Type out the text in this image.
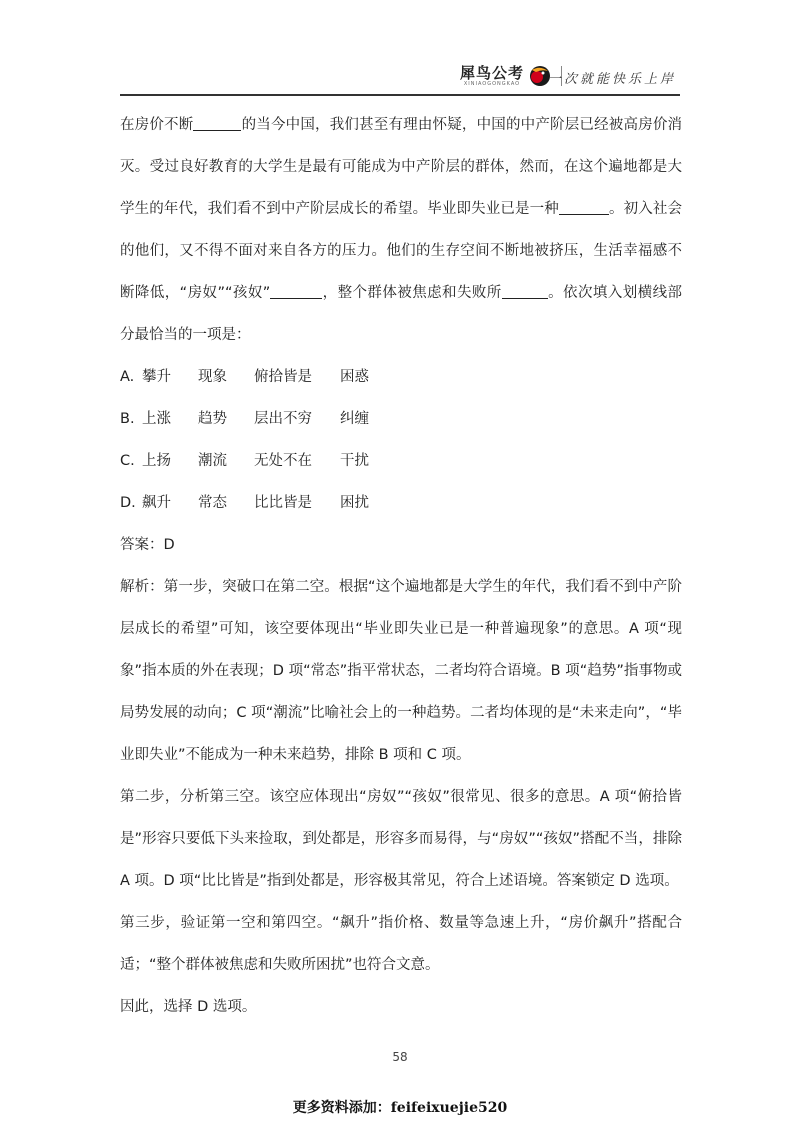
犀鸟公考
XINIAOGONGKAO 一次就能快乐上岸

在房价不断	的当今中国，我们甚至有理由怀疑，中国的中产阶层已经被高房价消灭。受过良好教育的大学生是最有可能成为中产阶层的群体，然而，在这个遍地都是大学生的年代，我们看不到中产阶层成长的希望。毕业即失业已是一种	。初入社会的他们，又不得不面对来自各方的压力。他们的生存空间不断地被挤压，生活幸福感不断降低，“房奴”“孩奴”	，整个群体被焦虑和失败所	。依次填入划横线部分最恰当的一项是：

A. 攀升	现象	俯拾皆是	困惑
B. 上涨	趋势	层出不穷	纠缠
C. 上扬	潮流	无处不在	干扰
D. 飙升	常态	比比皆是	困扰

答案：D

解析：第一步，突破口在第二空。根据“这个遍地都是大学生的年代，我们看不到中产阶层成长的希望”可知，该空要体现出“毕业即失业已是一种普遍现象”的意思。A 项“现象”指本质的外在表现；D 项“常态”指平常状态，二者均符合语境。B 项“趋势”指事物或局势发展的动向；C 项“潮流”比喻社会上的一种趋势。二者均体现的是“未来走向”，“毕业即失业”不能成为一种未来趋势，排除 B 项和 C 项。

第二步，分析第三空。该空应体现出“房奴”“孩奴”很常见、很多的意思。A 项“俯拾皆是”形容只要低下头来捡取，到处都是，形容多而易得，与“房奴”“孩奴”搭配不当，排除 A 项。D 项“比比皆是”指到处都是，形容极其常见，符合上述语境。答案锁定 D 选项。

第三步，验证第一空和第四空。“飙升”指价格、数量等急速上升，“房价飙升”搭配合适；“整个群体被焦虑和失败所困扰”也符合文意。

因此，选择 D 选项。

58
更多资料添加：feifeixuejie520
